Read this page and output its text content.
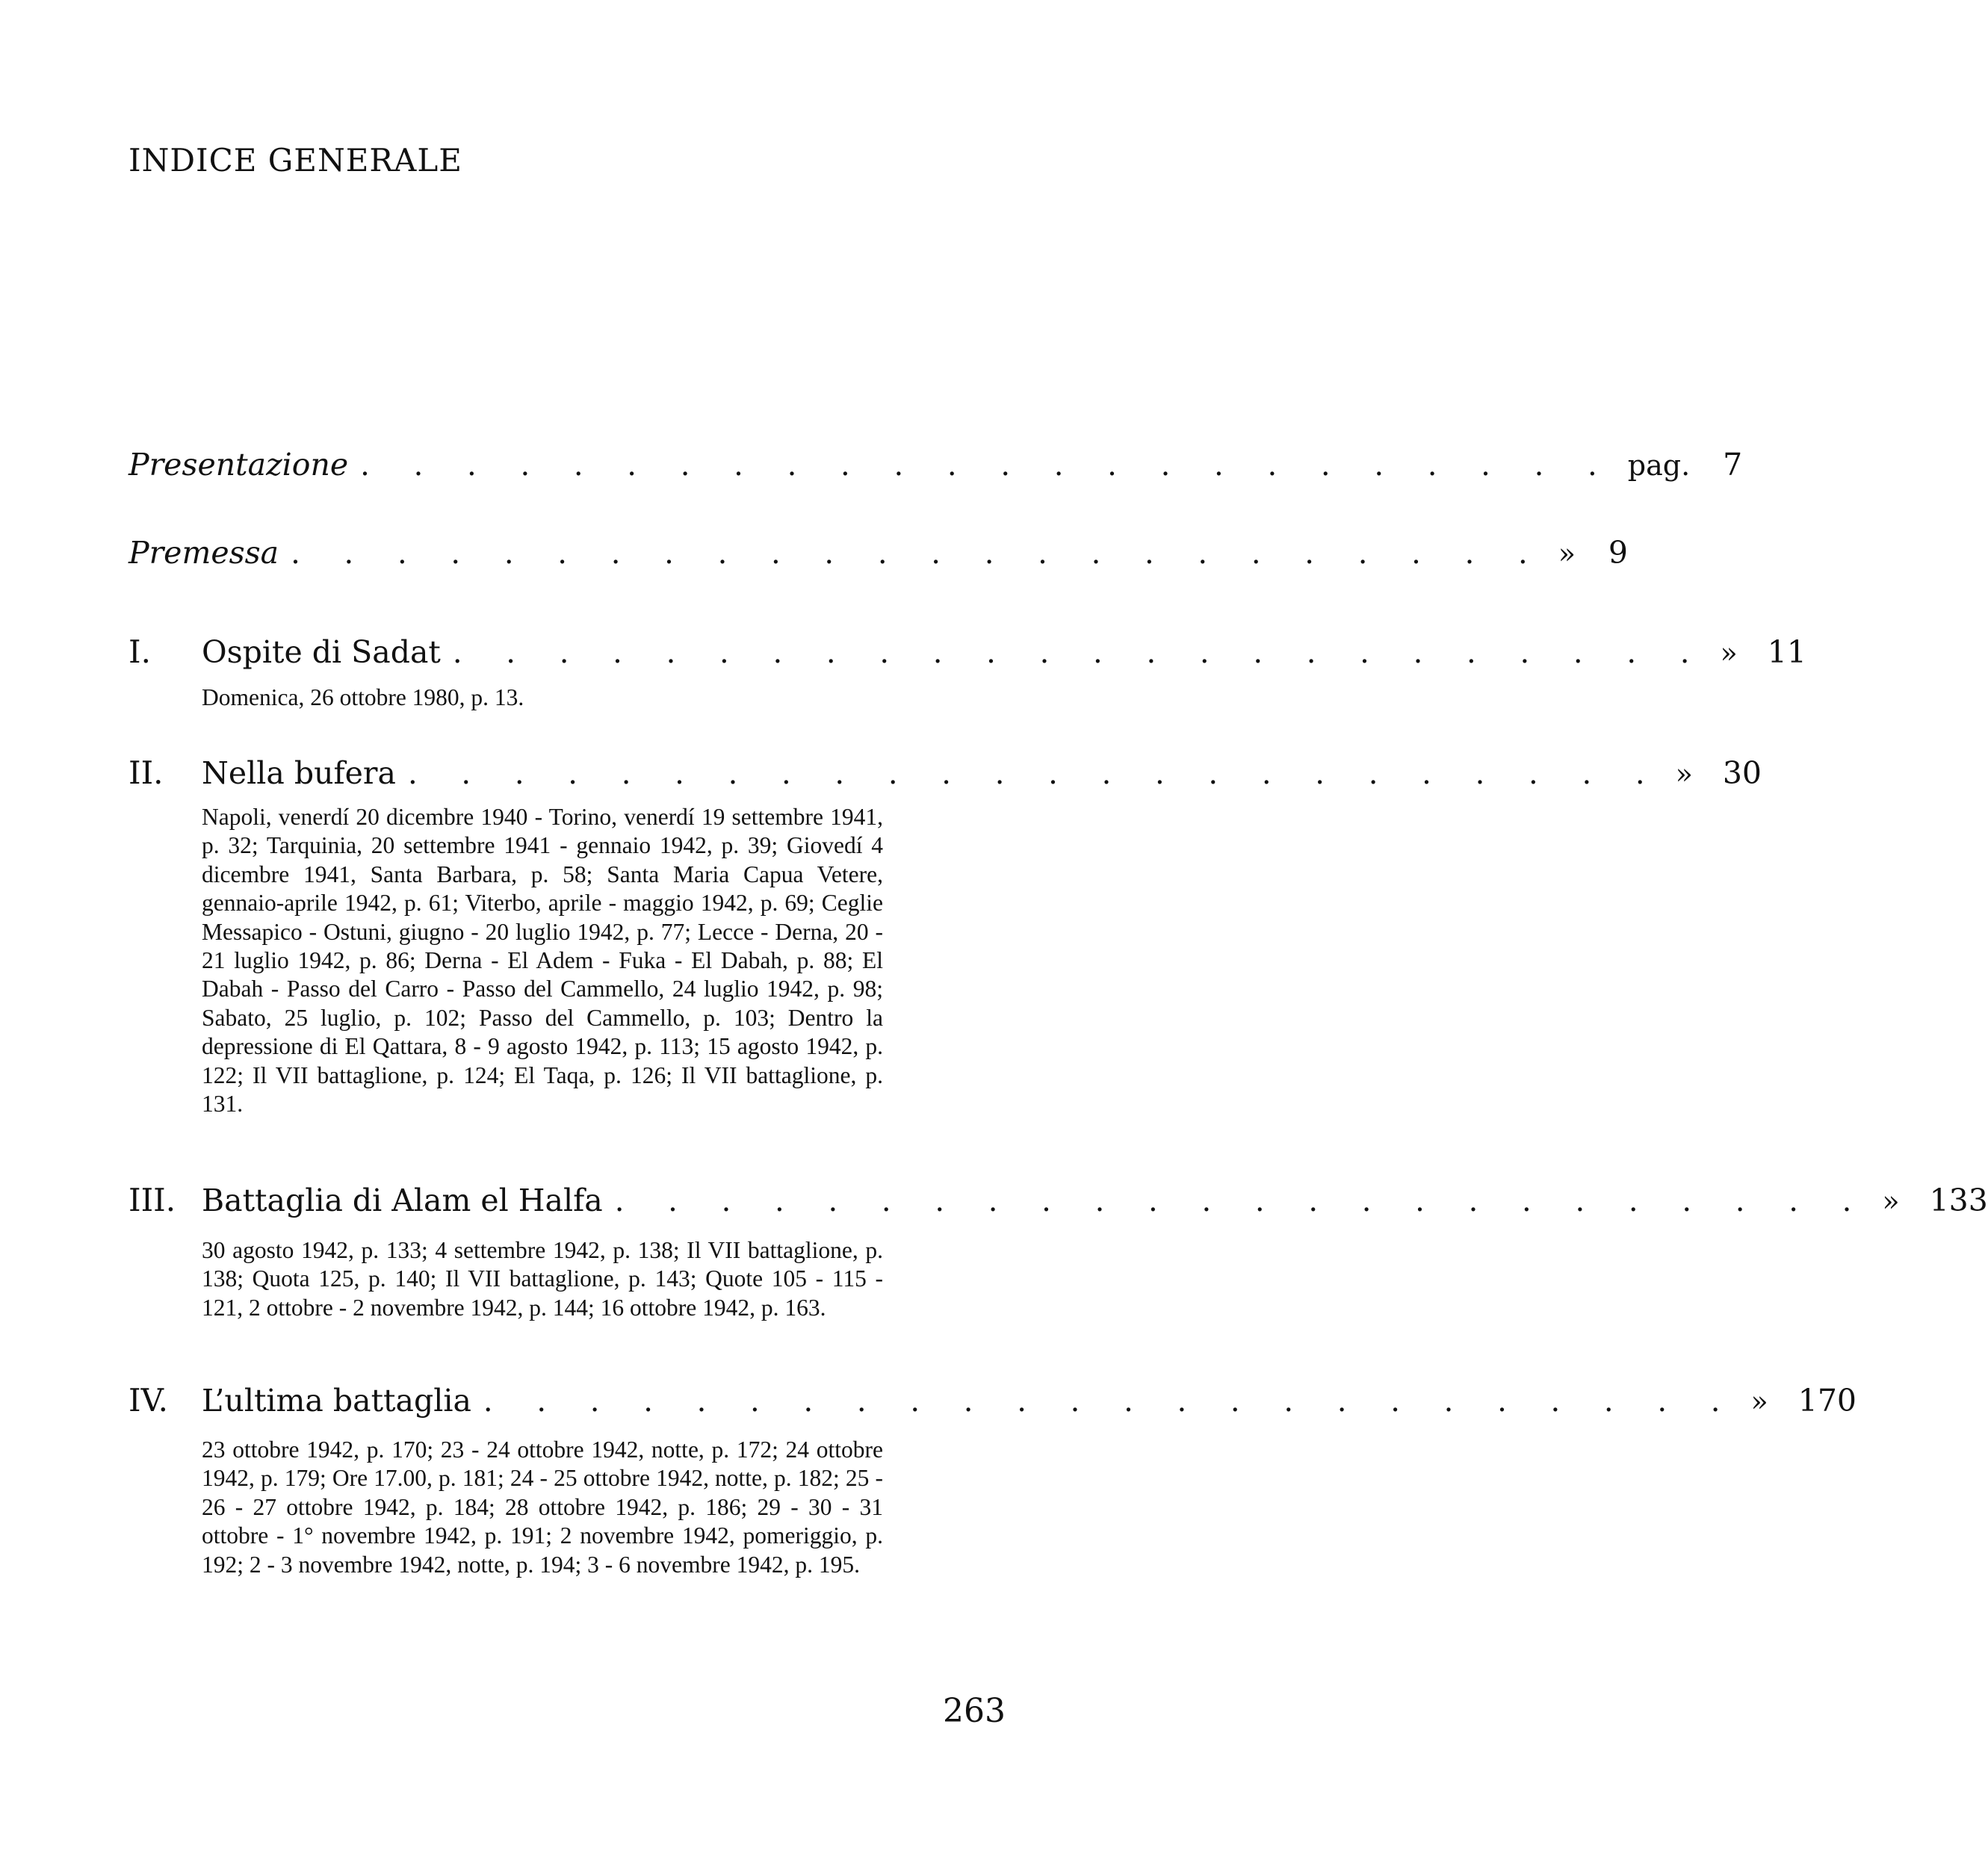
INDICE GENERALE
Presentazione . . . . . . . . . . . . . . . . . . . . . . . . pag. 7
Premessa . . . . . . . . . . . . . . . . . . . . . . . . » 9
I.	Ospite di Sadat . . . . . . . . . . . . . . . . . . . . . . . . » 11
Domenica, 26 ottobre 1980, p. 13.
II.	Nella bufera . . . . . . . . . . . . . . . . . . . . . . . . » 30
Napoli, venerdí 20 dicembre 1940 - Torino, venerdí 19 settembre 1941, p. 32; Tarquinia, 20 settembre 1941 - gennaio 1942, p. 39; Giovedí 4 dicembre 1941, Santa Barbara, p. 58; Santa Maria Capua Vetere, gennaio-aprile 1942, p. 61; Viterbo, aprile - maggio 1942, p. 69; Ceglie Messapico - Ostuni, giugno - 20 luglio 1942, p. 77; Lecce - Derna, 20 - 21 luglio 1942, p. 86; Derna - El Adem - Fuka - El Dabah, p. 88; El Dabah - Passo del Carro - Passo del Cammello, 24 luglio 1942, p. 98; Sabato, 25 luglio, p. 102; Passo del Cammello, p. 103; Dentro la depressione di El Qattara, 8 - 9 agosto 1942, p. 113; 15 agosto 1942, p. 122; Il VII battaglione, p. 124; El Taqa, p. 126; Il VII battaglione, p. 131.
III. Battaglia di Alam el Halfa . . . . . . . . . . . . . . . . . . . . . . . . » 133
30 agosto 1942, p. 133; 4 settembre 1942, p. 138; Il VII battaglione, p. 138; Quota 125, p. 140; Il VII battaglione, p. 143; Quote 105 - 115 - 121, 2 ottobre - 2 novembre 1942, p. 144; 16 ottobre 1942, p. 163.
IV.	L’ultima battaglia . . . . . . . . . . . . . . . . . . . . . . . . » 170
23 ottobre 1942, p. 170; 23 - 24 ottobre 1942, notte, p. 172; 24 ottobre 1942, p. 179; Ore 17.00, p. 181; 24 - 25 ottobre 1942, notte, p. 182; 25 - 26 - 27 ottobre 1942, p. 184; 28 ottobre 1942, p. 186; 29 - 30 - 31 ottobre - 1° novembre 1942, p. 191; 2 novembre 1942, pomeriggio, p. 192; 2 - 3 novembre 1942, notte, p. 194; 3 - 6 novembre 1942, p. 195.
263
